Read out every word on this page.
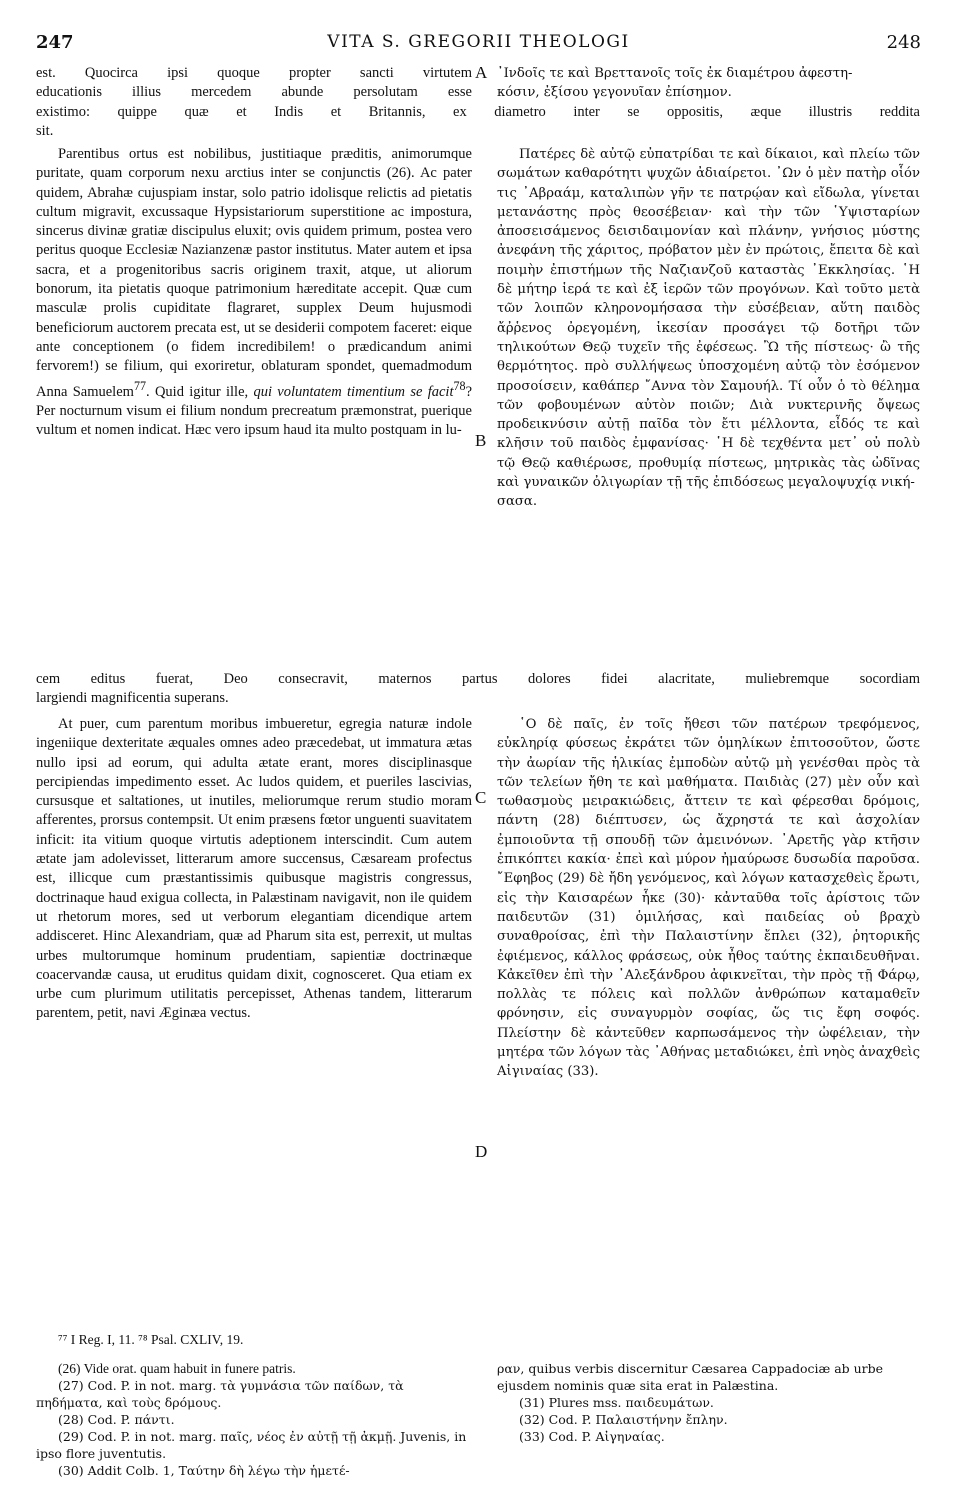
247	VITA S. GREGORII THEOLOGI	248

est. Quocirca ipsi quoque propter sancti virtutem

educationis illius mercedem abunde persolutam esse

A ᾽Ινδοῖς τε καὶ Βρεττανοῖς τοῖς ἐκ διαμέτρου ἀφεστη-

κόσιν, ἐξίσου γεγονυῖαν ἐπίσημον.

existimo: quippe quæ et Indis et Britannis, ex diametro inter se oppositis, æque illustris reddita

sit.

Parentibus ortus est nobilibus, justitiaque præditis, animorumque puritate, quam corporum nexu arctius inter se conjunctis (26). Ac pater quidem, Abrahæ cujuspiam instar, solo patrio idolisque relictis ad pietatis cultum migravit, excussaque Hypsistariorum superstitione ac impostura, sincerus divinæ gratiæ discipulus eluxit; ovis quidem primum, postea vero peritus quoque Ecclesiæ Nazianzenæ pastor institutus. Mater autem et ipsa sacra, et a progenitoribus sacris originem traxit, atque, ut aliorum bonorum, ita pietatis quoque patrimonium hæreditate accepit. Quæ cum masculæ prolis cupiditate flagraret, supplex Deum hujusmodi beneficiorum auctorem precata est, ut se desiderii compotem faceret: eique ante conceptionem (o fidem incredibilem! o prædicandum animi fervorem!) se filium, qui exoriretur, oblaturam spondet, quemadmodum Anna Samuelem$^{77}$. Quid igitur ille, qui voluntatem timentium se facit$^{78}$? Per nocturnum visum ei filium nondum precreatum præmonstrat, puerique vultum et nomen indicat. Hæc vero ipsum haud ita multo postquam in lu-

B

Πατέρες δὲ αὐτῷ εὐπατρίδαι τε καὶ δίκαιοι, καὶ πλείω τῶν σωμάτων καθαρότητι ψυχῶν ἀδιαίρετοι. ᾽Ων ὁ μὲν πατὴρ οἷόν τις ᾽Αβραάμ, καταλιπὼν γῆν τε πατρῴαν καὶ εἴδωλα, γίνεται μετανάστης πρὸς θεοσέβειαν· καὶ τὴν τῶν ῾Υψισταρίων ἀποσεισάμενος δεισιδαιμονίαν καὶ πλάνην, γνήσιος μύστης ἀνεφάνη τῆς χάριτος, πρόβατον μὲν ἐν πρώτοις, ἔπειτα δὲ καὶ ποιμὴν ἐπιστήμων τῆς Ναζιανζοῦ καταστὰς ᾽Εκκλησίας. ῾Η δὲ μήτηρ ἱερά τε καὶ ἐξ ἱερῶν τῶν προγόνων. Καὶ τοῦτο μετὰ τῶν λοιπῶν κληρονομήσασα τὴν εὐσέβειαν, αὕτη παιδὸς ἄῤῥενος ὀρεγομένη, ἱκεσίαν προσάγει τῷ δοτῆρι τῶν τηλικούτων Θεῷ τυχεῖν τῆς ἐφέσεως. Ὢ τῆς πίστεως· ὢ τῆς θερμότητος. πρὸ συλλήψεως ὑποσχομένη αὐτῷ τὸν ἐσόμενον προσοίσειν, καθάπερ ῎Αννα τὸν Σαμουήλ. Τί οὖν ὁ τὸ θέλημα τῶν φοβουμένων αὐτὸν ποιῶν; Διὰ νυκτερινῆς ὄψεως προδεικνύσιν αὐτῇ παῖδα τὸν ἔτι μέλλοντα, εἶδός τε καὶ κλῆσιν τοῦ παιδὸς ἐμφανίσας· ῾Η δὲ τεχθέντα μετ᾽ οὐ πολὺ τῷ Θεῷ καθιέρωσε, προθυμίᾳ πίστεως, μητρικὰς τὰς ὠδῖνας καὶ γυναικῶν ὀλιγωρίαν τῇ τῆς ἐπιδόσεως μεγαλοψυχίᾳ νική-

σασα.

cem editus fuerat, Deo consecravit, maternos partus dolores fidei alacritate, muliebremque socordiam

largiendi magnificentia superans.

At puer, cum parentum moribus imbueretur, egregia naturæ indole ingeniique dexteritate æquales omnes adeo præcedebat, ut immatura ætas nullo ipsi ad eorum, qui adulta ætate erant, mores disciplinasque percipiendas impedimento esset. Ac ludos quidem, et pueriles lascivias, cursusque et saltationes, ut inutiles, meliorumque rerum studio moram afferentes, prorsus contempsit. Ut enim præsens fœtor unguenti suavitatem inficit: ita vitium quoque virtutis adeptionem interscindit. Cum autem ætate jam adolevisset, litterarum amore succensus, Cæsaream profectus est, illicque cum præstantissimis quibusque magistris congressus, doctrinaque haud exigua collecta, in Palæstinam navigavit, non ile quidem ut rhetorum mores, sed ut verborum elegantiam dicendique artem addisceret. Hinc Alexandriam, quæ ad Pharum sita est, perrexit, ut multas urbes multorumque hominum prudentiam, sapientiæ doctrinæque coacervandæ causa, ut eruditus quidam dixit, cognosceret. Qua etiam ex urbe cum plurimum utilitatis percepisset, Athenas tandem, litterarum parentem, petit, navi Æginæa vectus.

C
D

῾Ο δὲ παῖς, ἐν τοῖς ἤθεσι τῶν πατέρων τρεφόμενος, εὐκληρίᾳ φύσεως ἐκράτει τῶν ὁμηλίκων ἐπιτοσοῦτον, ὥστε τὴν ἀωρίαν τῆς ἡλικίας ἐμποδὼν αὐτῷ μὴ γενέσθαι πρὸς τὰ τῶν τελείων ἤθη τε καὶ μαθήματα. Παιδιὰς (27) μὲν οὖν καὶ τωθασμοὺς μειρακιώδεις, ἄττειν τε καὶ φέρεσθαι δρόμοις, πάντη (28) διέπτυσεν, ὡς ἄχρηστά τε καὶ ἀσχολίαν ἐμποιοῦντα τῇ σπουδῇ τῶν ἀμεινόνων. ᾽Αρετῆς γὰρ κτῆσιν ἐπικόπτει κακία· ἐπεὶ καὶ μύρον ἠμαύρωσε δυσωδία παροῦσα. ῎Εφηβος (29) δὲ ἤδη γενόμενος, καὶ λόγων κατασχεθεὶς ἔρωτι, εἰς τὴν Καισαρέων ἧκε (30)· κἀνταῦθα τοῖς ἀρίστοις τῶν παιδευτῶν (31) ὁμιλήσας, καὶ παιδείας οὐ βραχὺ συναθροίσας, ἐπὶ τὴν Παλαιστίνην ἔπλει (32), ῥητορικῆς ἐφιέμενος, κάλλος φράσεως, οὐκ ἦθος ταύτης ἐκπαιδευθῆναι. Κἀκεῖθεν ἐπὶ τὴν ᾽Αλεξάνδρου ἀφικνεῖται, τὴν πρὸς τῇ Φάρῳ, πολλὰς τε πόλεις καὶ πολλῶν ἀνθρώπων καταμαθεῖν φρόνησιν, εἰς συναγυρμὸν σοφίας, ὥς τις ἔφη σοφός. Πλείστην δὲ κἀντεῦθεν καρπωσάμενος τὴν ὠφέλειαν, τὴν μητέρα τῶν λόγων τὰς ᾽Αθήνας μεταδιώκει, ἐπὶ νηὸς ἀναχθεὶς Αἰγιναίας (33).

⁷⁷ I Reg. I, 11. ⁷⁸ Psal. CXLIV, 19.

(26) Vide orat. quam habuit in funere patris.

(27) Cod. P. in not. marg. τὰ γυμνάσια τῶν παίδων, τὰ πηδήματα, καὶ τοὺς δρόμους.

(28) Cod. P. πάντι.

(29) Cod. P. in not. marg. παῖς, νέος ἐν αὐτῇ τῇ ἀκμῇ. Juvenis, in ipso flore juventutis.

(30) Addit Colb. 1, Ταύτην δὴ λέγω τὴν ἡμετέ-

ραν, quibus verbis discernitur Cæsarea Cappadociæ ab urbe ejusdem nominis quæ sita erat in Palæstina.

(31) Plures mss. παιδευμάτων.

(32) Cod. P. Παλαιστήνην ἔπλην.

(33) Cod. P. Αἰγηναίας.
